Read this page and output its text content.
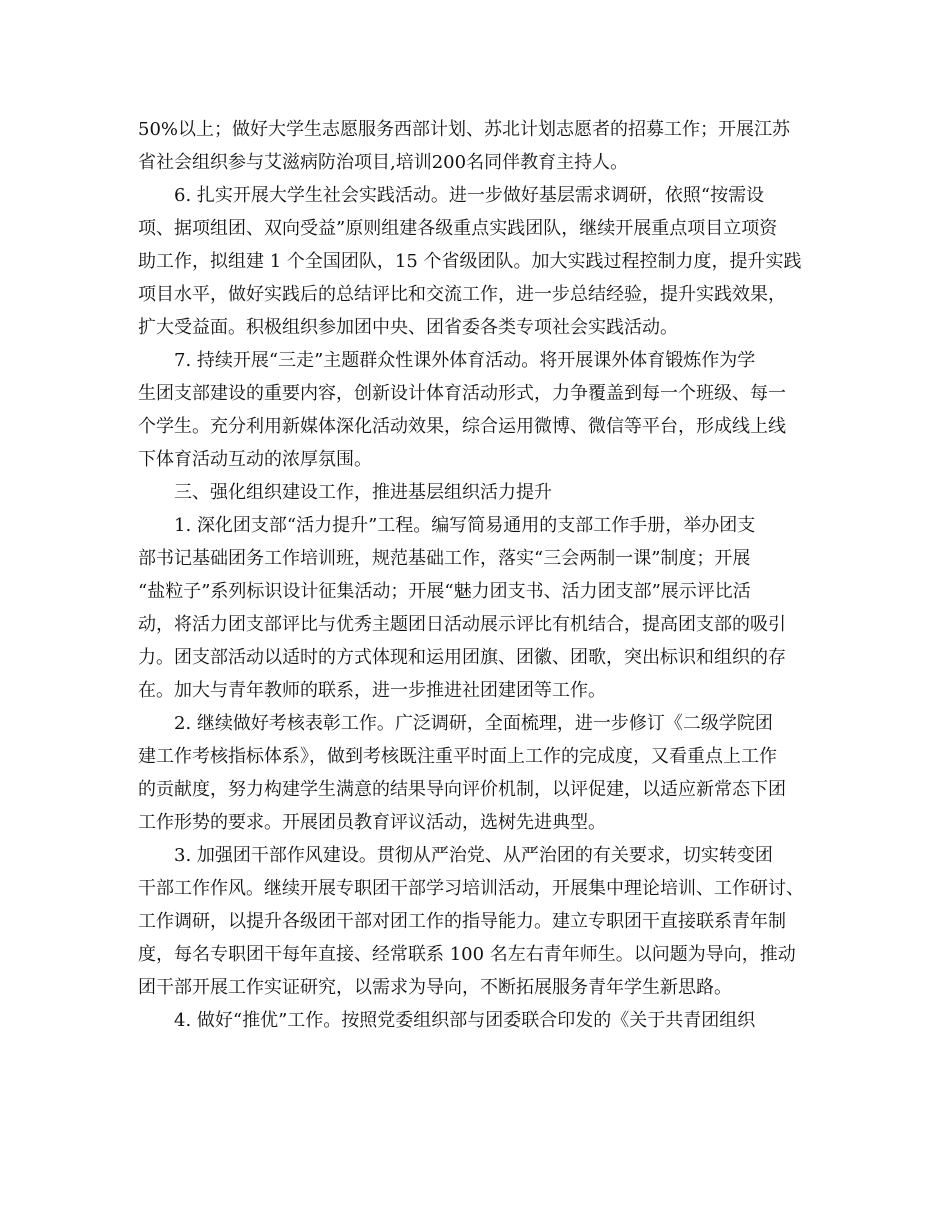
50%以上；做好大学生志愿服务西部计划、苏北计划志愿者的招募工作；开展江苏
省社会组织参与艾滋病防治项目,培训200名同伴教育主持人。
6. 扎实开展大学生社会实践活动。进一步做好基层需求调研，依照“按需设
项、据项组团、双向受益”原则组建各级重点实践团队，继续开展重点项目立项资
助工作，拟组建 1 个全国团队，15 个省级团队。加大实践过程控制力度，提升实践
项目水平，做好实践后的总结评比和交流工作，进一步总结经验，提升实践效果，
扩大受益面。积极组织参加团中央、团省委各类专项社会实践活动。
7. 持续开展“三走”主题群众性课外体育活动。将开展课外体育锻炼作为学
生团支部建设的重要内容，创新设计体育活动形式，力争覆盖到每一个班级、每一
个学生。充分利用新媒体深化活动效果，综合运用微博、微信等平台，形成线上线
下体育活动互动的浓厚氛围。
三、强化组织建设工作，推进基层组织活力提升
1. 深化团支部“活力提升”工程。编写简易通用的支部工作手册，举办团支
部书记基础团务工作培训班，规范基础工作，落实“三会两制一课”制度；开展
“盐粒子”系列标识设计征集活动；开展“魅力团支书、活力团支部”展示评比活
动，将活力团支部评比与优秀主题团日活动展示评比有机结合，提高团支部的吸引
力。团支部活动以适时的方式体现和运用团旗、团徽、团歌，突出标识和组织的存
在。加大与青年教师的联系，进一步推进社团建团等工作。
2. 继续做好考核表彰工作。广泛调研，全面梳理，进一步修订《二级学院团
建工作考核指标体系》，做到考核既注重平时面上工作的完成度，又看重点上工作
的贡献度，努力构建学生满意的结果导向评价机制，以评促建，以适应新常态下团
工作形势的要求。开展团员教育评议活动，选树先进典型。
3. 加强团干部作风建设。贯彻从严治党、从严治团的有关要求，切实转变团
干部工作作风。继续开展专职团干部学习培训活动，开展集中理论培训、工作研讨、
工作调研，以提升各级团干部对团工作的指导能力。建立专职团干直接联系青年制
度，每名专职团干每年直接、经常联系 100 名左右青年师生。以问题为导向，推动
团干部开展工作实证研究，以需求为导向，不断拓展服务青年学生新思路。
4. 做好“推优”工作。按照党委组织部与团委联合印发的《关于共青团组织
